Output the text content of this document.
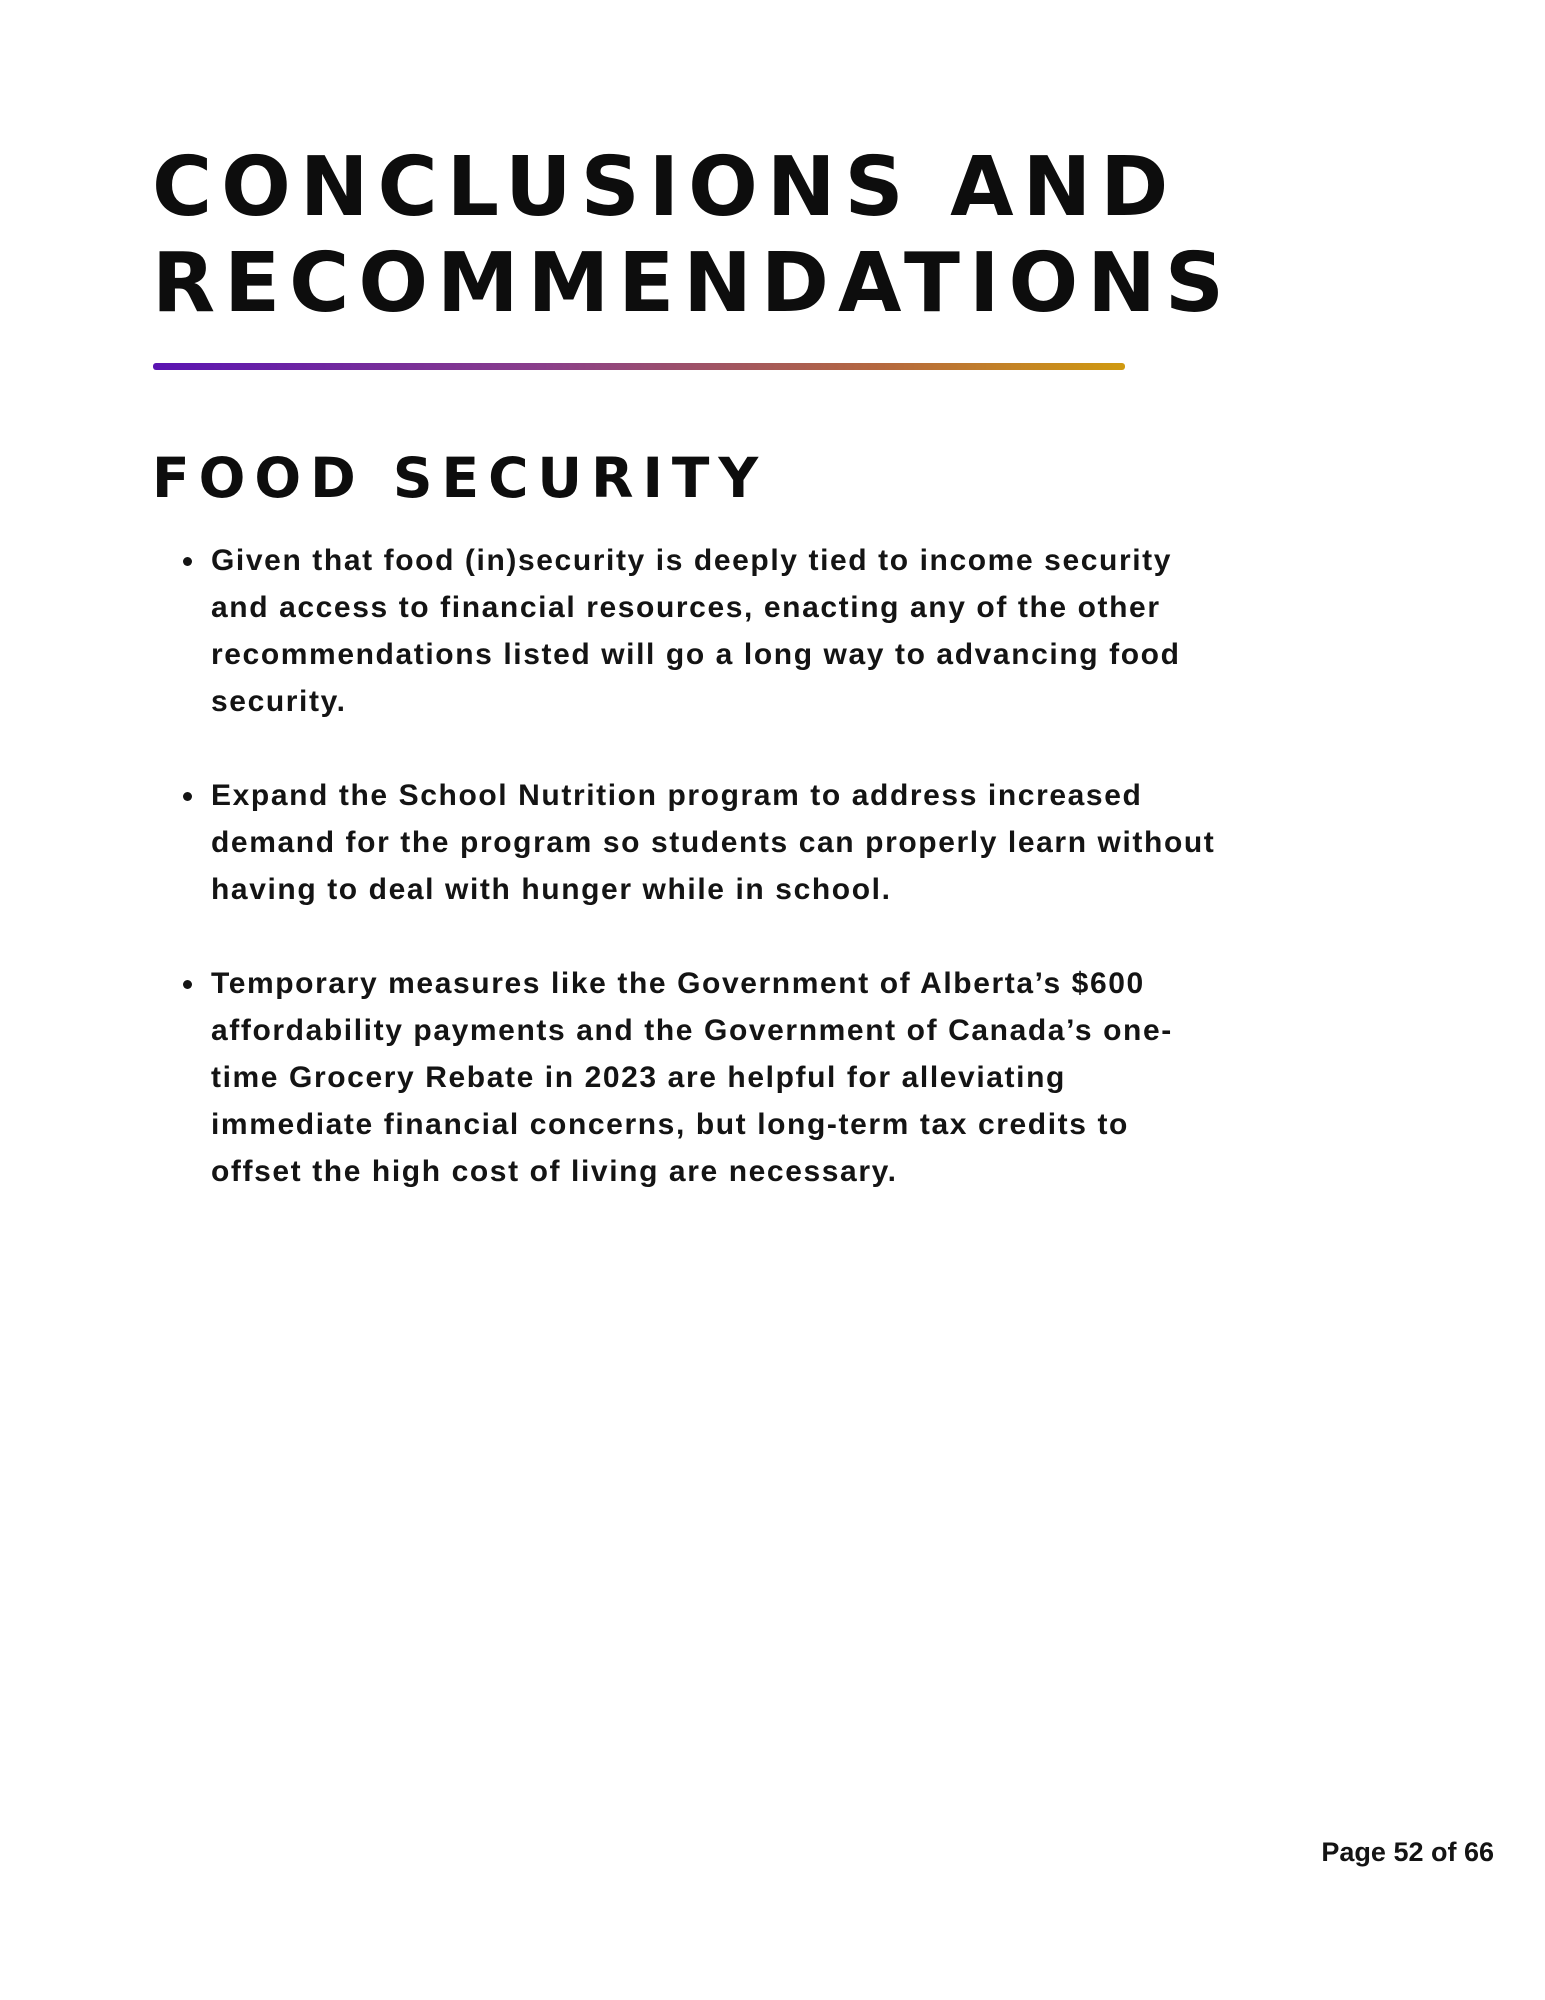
CONCLUSIONS AND
RECOMMENDATIONS
FOOD SECURITY
Given that food (in)security is deeply tied to income security
and access to financial resources, enacting any of the other
recommendations listed will go a long way to advancing food
security.
Expand the School Nutrition program to address increased
demand for the program so students can properly learn without
having to deal with hunger while in school.
Temporary measures like the Government of Alberta’s $600
affordability payments and the Government of Canada’s one-
time Grocery Rebate in 2023 are helpful for alleviating
immediate financial concerns, but long-term tax credits to
offset the high cost of living are necessary.
Page 52 of 66
